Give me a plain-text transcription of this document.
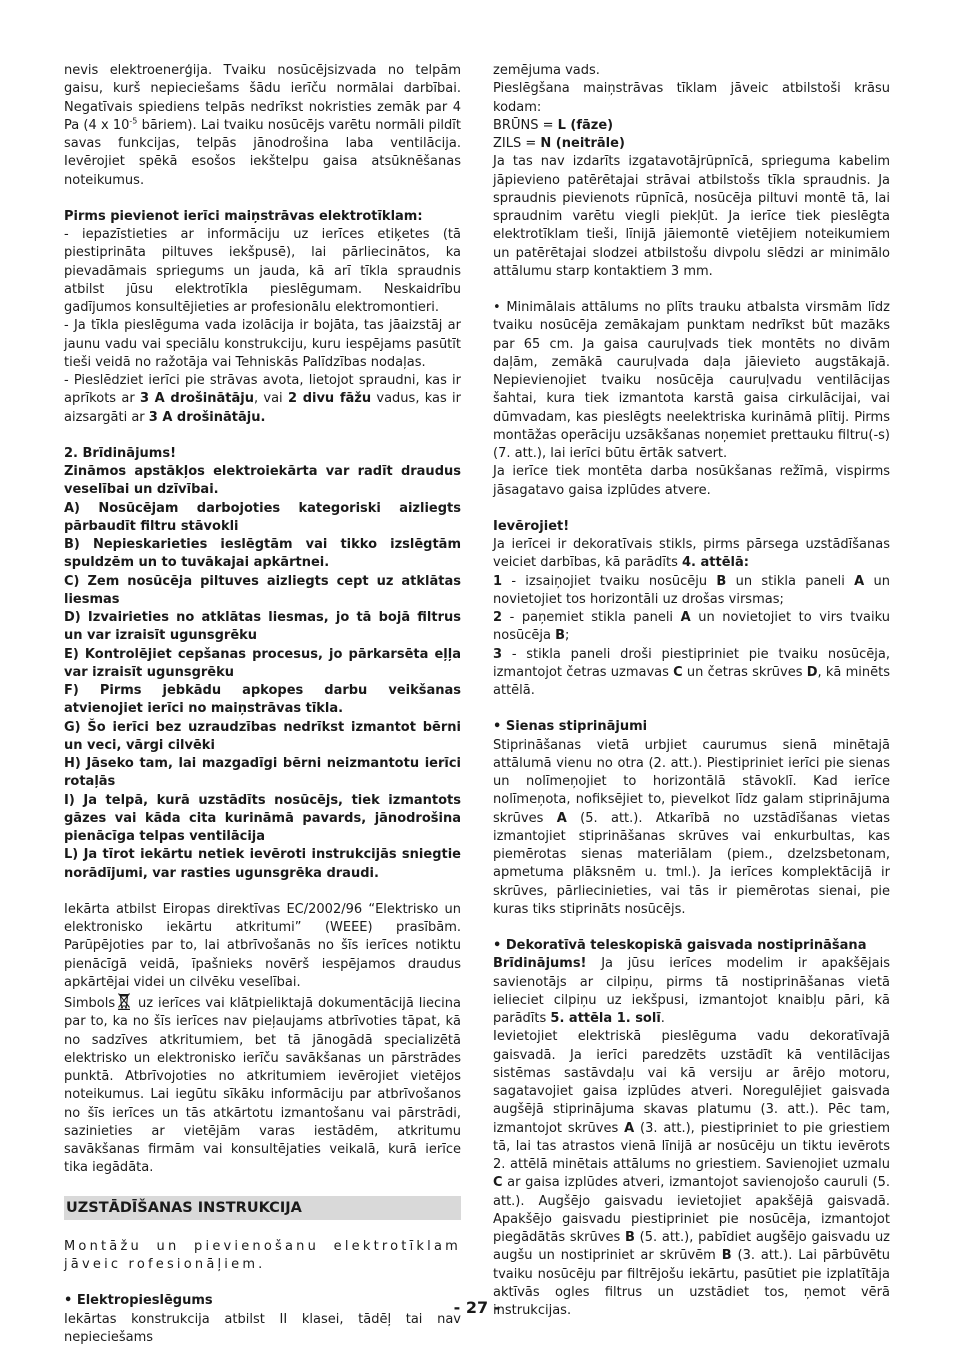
nevis elektroenerģija. Tvaiku nosūcējsizvada no telpām gaisu, kurš nepieciešams šādu ierīču normālai darbībai. Negatīvais spiediens telpās nedrīkst nokristies zemāk par 4 Pa (4 x $10^{-5}$ bāriem). Lai tvaiku nosūcējs varētu normāli pildīt savas funkcijas, telpās jānodrošina laba ventilācija. Ievērojiet spēkā esošos iekštelpu gaisa atsūknēšanas noteikumus.

Pirms pievienot ierīci maiņstrāvas elektrotīklam:

- iepazīstieties ar informāciju uz ierīces etiķetes (tā piestiprināta piltuves iekšpusē), lai pārliecinātos, ka pievadāmais spriegums un jauda, kā arī tīkla spraudnis atbilst jūsu elektrotīkla pieslēgumam. Neskaidrību gadījumos konsultējieties ar profesionālu elektromontieri.

- Ja tīkla pieslēguma vada izolācija ir bojāta, tas jāaizstāj ar jaunu vadu vai speciālu konstrukciju, kuru iespējams pasūtīt tieši veidā no ražotāja vai Tehniskās Palīdzības nodaļas.

- Pieslēdziet ierīci pie strāvas avota, lietojot spraudni, kas ir aprīkots ar 3 A drošinātāju, vai 2 divu fāžu vadus, kas ir aizsargāti ar 3 A drošinātāju.

2. Brīdinājums!

Zināmos apstākļos elektroiekārta var radīt draudus veselībai un dzīvībai.

A) Nosūcējam darbojoties kategoriski aizliegts pārbaudīt filtru stāvokli

B) Nepieskarieties ieslēgtām vai tikko izslēgtām spuldzēm un to tuvākajai apkārtnei.

C) Zem nosūcēja piltuves aizliegts cept uz atklātas liesmas

D) Izvairieties no atklātas liesmas, jo tā bojā filtrus un var izraisīt ugunsgrēku

E) Kontrolējiet cepšanas procesus, jo pārkarsēta eļļa var izraisīt ugunsgrēku

F) Pirms jebkādu apkopes darbu veikšanas atvienojiet ierīci no maiņstrāvas tīkla.

G) Šo ierīci bez uzraudzības nedrīkst izmantot bērni un veci, vārgi cilvēki

H) Jāseko tam, lai mazgadīgi bērni neizmantotu ierīci rotaļās

I) Ja telpā, kurā uzstādīts nosūcējs, tiek izmantots gāzes vai kāda cita kurināmā pavards, jānodrošina pienācīga telpas ventilācija

L) Ja tīrot iekārtu netiek ievēroti instrukcijās sniegtie norādījumi, var rasties ugunsgrēka draudi.

Iekārta atbilst Eiropas direktīvas EC/2002/96 “Elektrisko un elektronisko iekārtu atkritumi” (WEEE) prasībām. Parūpējoties par to, lai atbrīvošanās no šīs ierīces notiktu pienācīgā veidā, īpašnieks novērš iespējamos draudus apkārtējai videi un cilvēku veselībai.

Simbols uz ierīces vai klātpieliktajā dokumentācijā liecina par to, ka no šīs ierīces nav pieļaujams atbrīvoties tāpat, kā no sadzīves atkritumiem, bet tā jānogādā specializētā elektrisko un elektronisko ierīču savākšanas un pārstrādes punktā. Atbrīvojoties no atkritumiem ievērojiet vietējos noteikumus. Lai iegūtu sīkāku informāciju par atbrīvošanos no šīs ierīces un tās atkārtotu izmantošanu vai pārstrādi, sazinieties ar vietējām varas iestādēm, atkritumu savākšanas firmām vai konsultējaties veikalā, kurā ierīce tika iegādāta.

UZSTĀDĪŠANAS INSTRUKCIJA

Montāžu un pievienošanu elektrotīklam jāveic rofesionāļiem.

• Elektropieslēgums

Iekārtas konstrukcija atbilst II klasei, tādēļ tai nav nepieciešams

zemējuma vads.

Pieslēgšana maiņstrāvas tīklam jāveic atbilstoši krāsu kodam:

BRŪNS = L (fāze)

ZILS = N (neitrāle)

Ja tas nav izdarīts izgatavotājrūpnīcā, sprieguma kabelim jāpievieno patērētajai strāvai atbilstošs tīkla spraudnis. Ja spraudnis pievienots rūpnīcā, nosūcēja piltuvi montē tā, lai spraudnim varētu viegli piekļūt. Ja ierīce tiek pieslēgta elektrotīklam tieši, līnijā jāiemontē vietējiem noteikumiem un patērētajai slodzei atbilstošu divpolu slēdzi ar minimālo attālumu starp kontaktiem 3 mm.

• Minimālais attālums no plīts trauku atbalsta virsmām līdz tvaiku nosūcēja zemākajam punktam nedrīkst būt mazāks par 65 cm. Ja gaisa cauruļvads tiek montēts no divām daļām, zemākā cauruļvada daļa jāievieto augstākajā. Nepievienojiet tvaiku nosūcēja cauruļvadu ventilācijas šahtai, kura tiek izmantota karstā gaisa cirkulācijai, vai dūmvadam, kas pieslēgts neelektriska kurināmā plītij. Pirms montāžas operāciju uzsākšanas noņemiet prettauku filtru(-s) (7. att.), lai ierīci būtu ērtāk satvert.

Ja ierīce tiek montēta darba nosūkšanas režīmā, vispirms jāsagatavo gaisa izplūdes atvere.

Ievērojiet!

Ja ierīcei ir dekoratīvais stikls, pirms pārsega uzstādīšanas veiciet darbības, kā parādīts 4. attēlā:

1 - izsaiņojiet tvaiku nosūcēju B un stikla paneli A un novietojiet tos horizontāli uz drošas virsmas;

2 - paņemiet stikla paneli A un novietojiet to virs tvaiku nosūcēja B;

3 - stikla paneli droši piestipriniet pie tvaiku nosūcēja, izmantojot četras uzmavas C un četras skrūves D, kā minēts attēlā.

• Sienas stiprinājumi

Stiprināšanas vietā urbjiet caurumus sienā minētajā attālumā vienu no otra (2. att.). Piestipriniet ierīci pie sienas un nolīmeņojiet to horizontālā stāvoklī. Kad ierīce nolīmeņota, nofiksējiet to, pievelkot līdz galam stiprinājuma skrūves A (5. att.). Atkarībā no uzstādīšanas vietas izmantojiet stiprināšanas skrūves vai enkurbultas, kas piemērotas sienas materiālam (piem., dzelzsbetonam, apmetuma plāksnēm u. tml.). Ja ierīces komplektācijā ir skrūves, pārliecinieties, vai tās ir piemērotas sienai, pie kuras tiks stiprināts nosūcējs.

• Dekoratīvā teleskopiskā gaisvada nostiprināšana

Brīdinājums! Ja jūsu ierīces modelim ir apakšējais savienotājs ar cilpiņu, pirms tā nostiprināšanas vietā ielieciet cilpiņu uz iekšpusi, izmantojot knaibļu pāri, kā parādīts 5. attēla 1. solī.

Ievietojiet elektriskā pieslēguma vadu dekoratīvajā gaisvadā. Ja ierīci paredzēts uzstādīt kā ventilācijas sistēmas sastāvdaļu vai kā versiju ar ārējo motoru, sagatavojiet gaisa izplūdes atveri. Noregulējiet gaisvada augšējā stiprinājuma skavas platumu (3. att.). Pēc tam, izmantojot skrūves A (3. att.), piestipriniet to pie griestiem tā, lai tas atrastos vienā līnijā ar nosūcēju un tiktu ievērots 2. attēlā minētais attālums no griestiem. Savienojiet uzmalu C ar gaisa izplūdes atveri, izmantojot savienojošo cauruli (5. att.). Augšējo gaisvadu ievietojiet apakšējā gaisvadā. Apakšējo gaisvadu piestipriniet pie nosūcēja, izmantojot piegādātās skrūves B (5. att.), pabīdiet augšējo gaisvadu uz augšu un nostipriniet ar skrūvēm B (3. att.). Lai pārbūvētu tvaiku nosūcēju par filtrējošu iekārtu, pasūtiet pie izplatītāja aktīvās ogles filtrus un uzstādiet tos, ņemot vērā instrukcijas.

- 27 -
